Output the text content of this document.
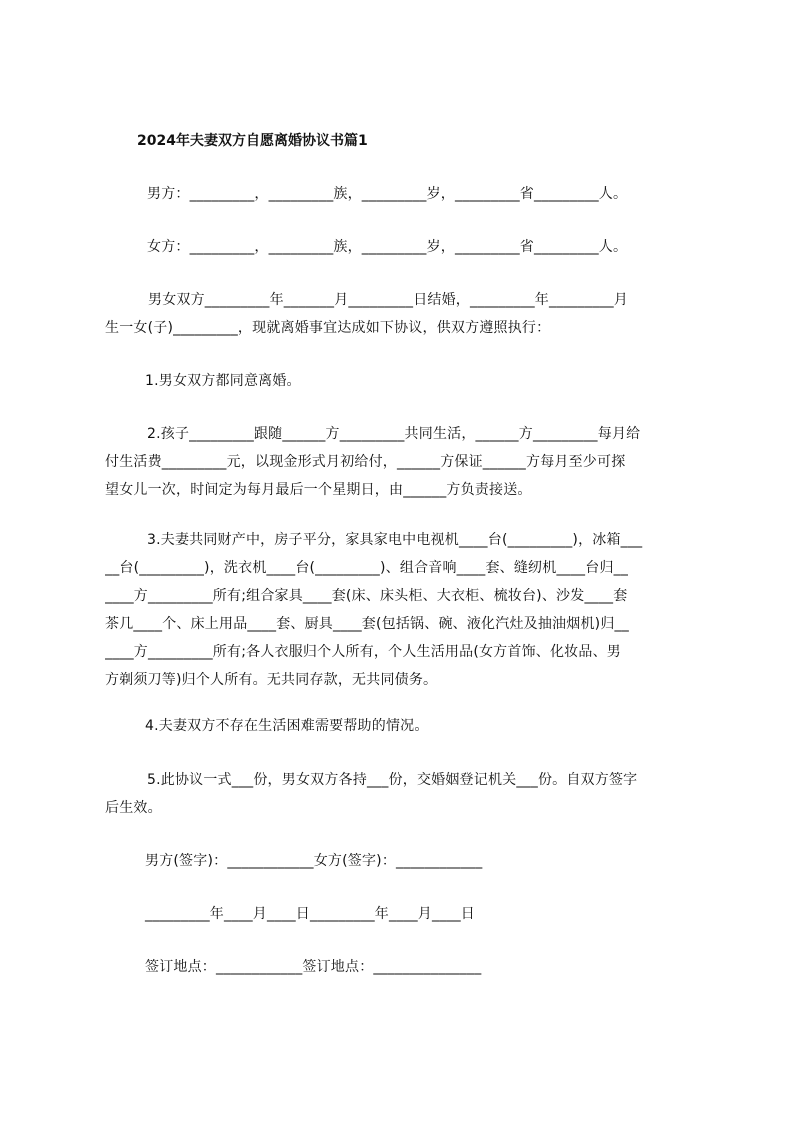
2024年夫妻双方自愿离婚协议书篇1
男方：_________，_________族，_________岁，_________省_________人。
女方：_________，_________族，_________岁，_________省_________人。
男女双方_________年_______月_________日结婚，_________年_________月
生一女(子)_________，现就离婚事宜达成如下协议，供双方遵照执行：
1.男女双方都同意离婚。
2.孩子_________跟随______方_________共同生活，______方_________每月给
付生活费_________元，以现金形式月初给付，______方保证______方每月至少可探
望女儿一次，时间定为每月最后一个星期日，由______方负责接送。
3.夫妻共同财产中，房子平分，家具家电中电视机____台(_________)，冰箱___
__台(_________)，洗衣机____台(_________)、组合音响____套、缝纫机____台归__
____方_________所有;组合家具____套(床、床头柜、大衣柜、梳妆台)、沙发____套
茶几____个、床上用品____套、厨具____套(包括锅、碗、液化汽灶及抽油烟机)归__
____方_________所有;各人衣服归个人所有，个人生活用品(女方首饰、化妆品、男
方剃须刀等)归个人所有。无共同存款，无共同债务。
4.夫妻双方不存在生活困难需要帮助的情况。
5.此协议一式___份，男女双方各持___份，交婚姻登记机关___份。自双方签字
后生效。
男方(签字)：____________女方(签字)：____________
_________年____月____日_________年____月____日
签订地点：____________签订地点：_______________
